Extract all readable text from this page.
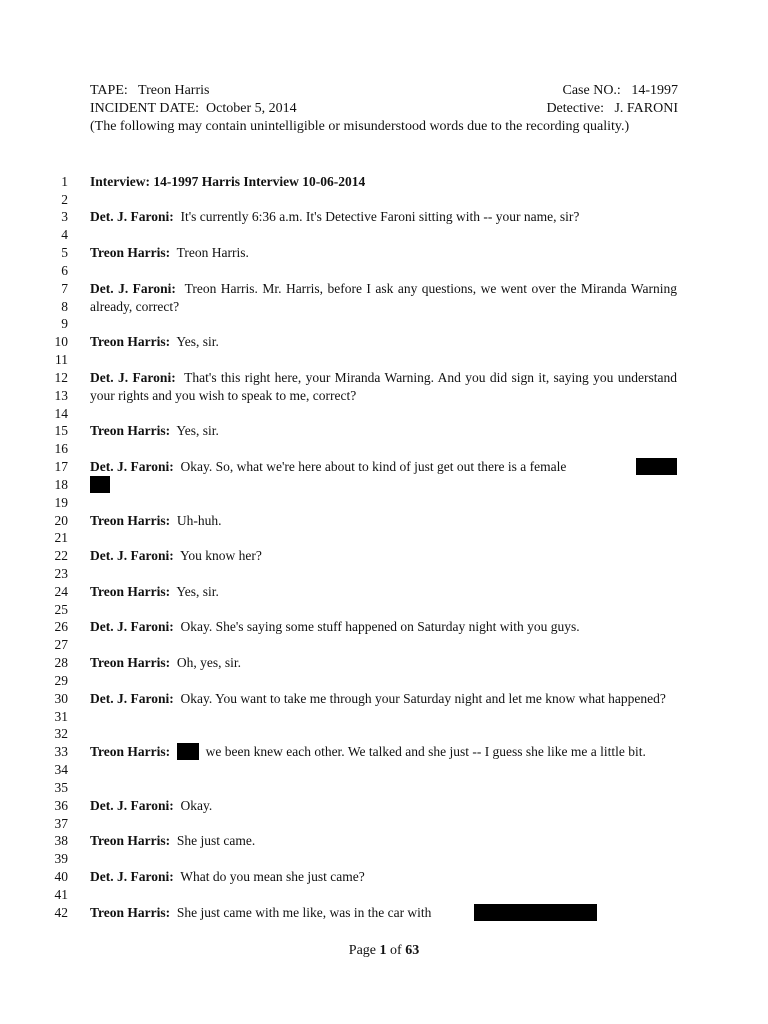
TAPE: Treon Harris	Case NO.: 14-1997
INCIDENT DATE: October 5, 2014	Detective: J. FARONI
(The following may contain unintelligible or misunderstood words due to the recording quality.)
1
2
3
4
5
6
7
8
9
10
11
12
13
14
15
16
17
18
19
20
21
22
23
24
25
26
27
28
29
30
31
32
33
34
35
36
37
38
39
40
41
42
Interview: 14-1997 Harris Interview 10-06-2014
Det. J. Faroni: It's currently 6:36 a.m. It's Detective Faroni sitting with -- your name, sir?
Treon Harris: Treon Harris.
Det. J. Faroni: Treon Harris. Mr. Harris, before I ask any questions, we went over the Miranda Warning already, correct?
Treon Harris: Yes, sir.
Det. J. Faroni: That's this right here, your Miranda Warning. And you did sign it, saying you understand your rights and you wish to speak to me, correct?
Treon Harris: Yes, sir.
Det. J. Faroni: Okay. So, what we're here about to kind of just get out there is a female
Treon Harris: Uh-huh.
Det. J. Faroni: You know her?
Treon Harris: Yes, sir.
Det. J. Faroni: Okay. She's saying some stuff happened on Saturday night with you guys.
Treon Harris: Oh, yes, sir.
Det. J. Faroni: Okay. You want to take me through your Saturday night and let me know what happened?
Treon Harris:	we been knew each other. We talked and she just -- I guess she like me a little bit.
Det. J. Faroni: Okay.
Treon Harris: She just came.
Det. J. Faroni: What do you mean she just came?
Treon Harris: She just came with me like, was in the car with
Page 1 of 63
